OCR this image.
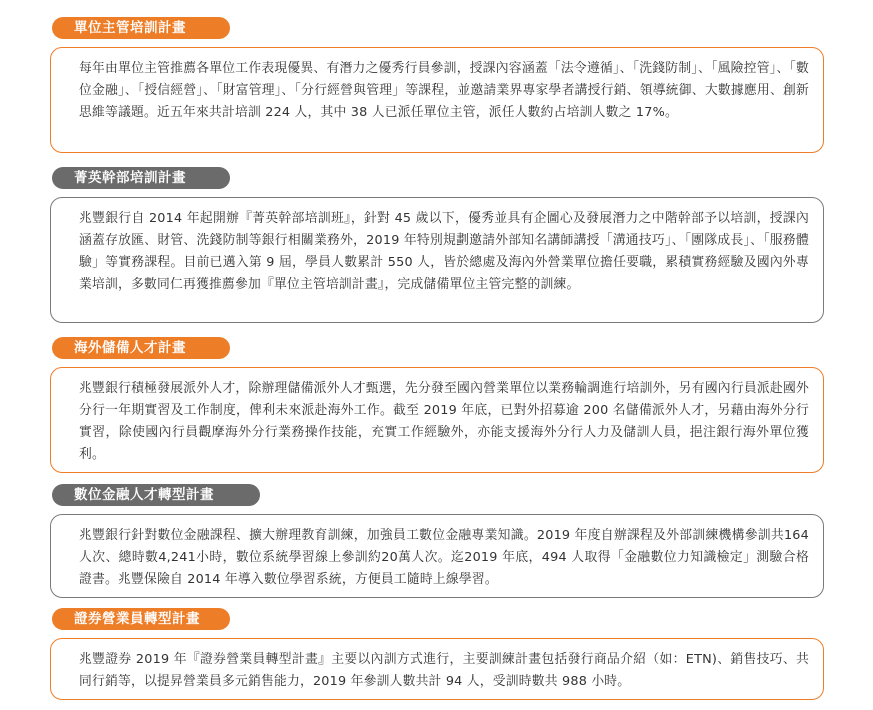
單位主管培訓計畫

每年由單位主管推薦各單位工作表現優異、有潛力之優秀行員參訓，授課內容涵蓋「法令遵循」、「洗錢防制」、「風險控管」、「數位金融」、「授信經營」、「財富管理」、「分行經營與管理」等課程，並邀請業界專家學者講授行銷、領導統御、大數據應用、創新思維等議題。近五年來共計培訓 224 人，其中 38 人已派任單位主管，派任人數約占培訓人數之 17%。

菁英幹部培訓計畫

兆豐銀行自 2014 年起開辦『菁英幹部培訓班』，針對 45 歲以下，優秀並具有企圖心及發展潛力之中階幹部予以培訓，授課內涵蓋存放匯、財管、洗錢防制等銀行相關業務外，2019 年特別規劃邀請外部知名講師講授「溝通技巧」、「團隊成長」、「服務體驗」等實務課程。目前已邁入第 9 屆，學員人數累計 550 人，皆於總處及海內外營業單位擔任要職，累積實務經驗及國內外專業培訓，多數同仁再獲推薦參加『單位主管培訓計畫』，完成儲備單位主管完整的訓練。

海外儲備人才計畫

兆豐銀行積極發展派外人才，除辦理儲備派外人才甄選，先分發至國內營業單位以業務輪調進行培訓外，另有國內行員派赴國外分行一年期實習及工作制度，俾利未來派赴海外工作。截至 2019 年底，已對外招募逾 200 名儲備派外人才，另藉由海外分行實習，除使國內行員觀摩海外分行業務操作技能，充實工作經驗外，亦能支援海外分行人力及儲訓人員，挹注銀行海外單位獲利。

數位金融人才轉型計畫

兆豐銀行針對數位金融課程、擴大辦理教育訓練，加強員工數位金融專業知識。2019 年度自辦課程及外部訓練機構參訓共164人次、總時數4,241小時，數位系統學習線上參訓約20萬人次。迄2019 年底，494 人取得「金融數位力知識檢定」測驗合格證書。兆豐保險自 2014 年導入數位學習系統，方便員工隨時上線學習。

證券營業員轉型計畫

兆豐證券 2019 年『證券營業員轉型計畫』主要以內訓方式進行，主要訓練計畫包括發行商品介紹（如：ETN)、銷售技巧、共同行銷等，以提昇營業員多元銷售能力，2019 年參訓人數共計 94 人，受訓時數共 988 小時。
